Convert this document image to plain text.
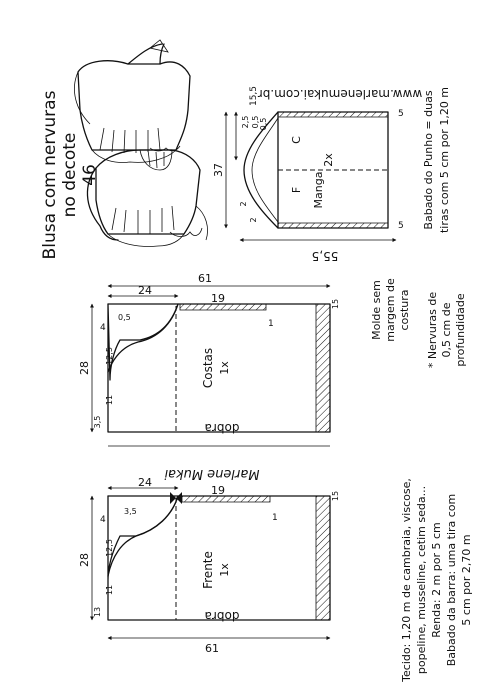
Blusa com nervuras no decote 46
www.marlenemukai.com.br
Manga
2x
C
F
55,5
37
15,5
5
5
2,5 0,5 0,5
2
2	Babado do Punho = duas tiras com 5 cm por 1,20 m
Costas 1x
dobra
61
28
24
19
4
0,5
12,5
11
3,5
1
15	Molde sem margem de costura * Nervuras de 0,5 cm de profundidade
Marlene Mukai
Frente 1x
dobra
61
28
24
19
4
3,5
12,5
11
13
1
15	Tecido: 1,20 m de cambraia, viscose, popeline, musseline, cetim seda... Renda: 2 m por 5 cm Babado da barra: uma tira com 5 cm por 2,70 m
